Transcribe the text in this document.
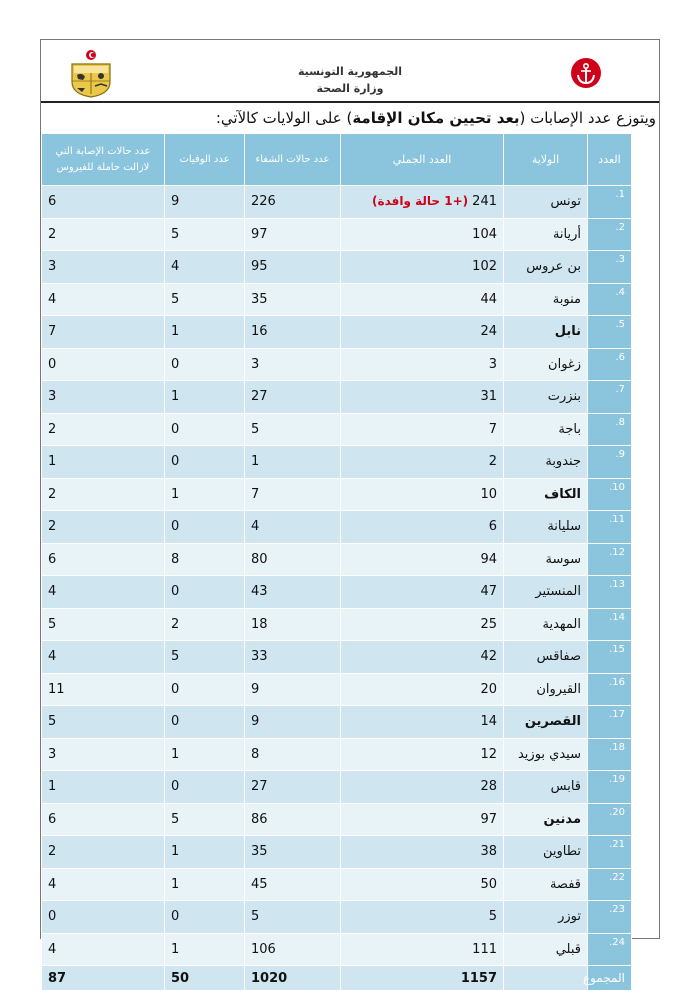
الجمهورية التونسية
وزارة الصحة
ويتوزع عدد الإصابات (بعد تحيين مكان الإقامة) على الولايات كالآتي:
العدد	الولاية	العدد الجملي	عدد حالات الشفاء	عدد الوفيات	عدد حالات الإصابة التي
لازالت حاملة للفيروس

1.	تونس	241(+1 حالة وافدة)	226	9	6
2.	أريانة	104	97	5	2
3.	بن عروس	102	95	4	3
4.	منوبة	44	35	5	4
5.	نابل	24	16	1	7
6.	زغوان	3	3	0	0
7.	بنزرت	31	27	1	3
8.	باجة	7	5	0	2
9.	جندوبة	2	1	0	1
10.	الكاف	10	7	1	2
11.	سليانة	6	4	0	2
12.	سوسة	94	80	8	6
13.	المنستير	47	43	0	4
14.	المهدية	25	18	2	5
15.	صفاقس	42	33	5	4
16.	القيروان	20	9	0	11
17.	القصرين	14	9	0	5
18.	سيدي بوزيد	12	8	1	3
19.	قابس	28	27	0	1
20.	مدنين	97	86	5	6
21.	تطاوين	38	35	1	2
22.	قفصة	50	45	1	4
23.	توزر	5	5	0	0
24.	قبلي	111	106	1	4
المجموع		1157	1020	50	87
